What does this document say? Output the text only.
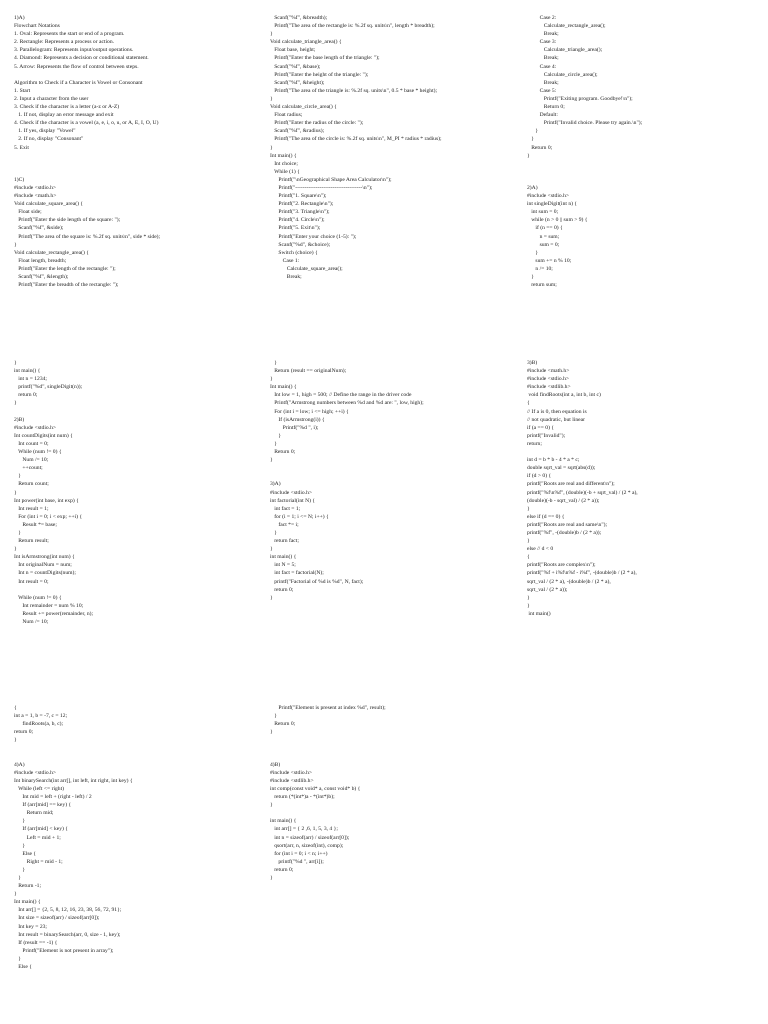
1)A)
Flowchart Notations
1. Oval: Represents the start or end of a program.
2. Rectangle: Represents a process or action.
3. Parallelogram: Represents input/output operations.
4. Diamond: Represents a decision or conditional statement.
5. Arrow: Represents the flow of control between steps.
Algorithm to Check if a Character is Vowel or Consonant
1. Start
2. Input a character from the user
3. Check if the character is a letter (a-z or A-Z)
1. If not, display an error message and exit
4. Check if the character is a vowel (a, e, i, o, u, or A, E, I, O, U)
1. If yes, display "Vowel"
2. If no, display "Consonant"
5. Exit
1)C)
#include <stdio.h>
#include <math.h>
Void calculate_square_area() {
Float side;
Printf("Enter the side length of the square: ");
Scanf("%f", &side);
Printf("The area of the square is: %.2f sq. units\n", side * side);
}
Void calculate_rectangle_area() {
Float length, breadth;
Printf("Enter the length of the rectangle: ");
Scanf("%f", &length);
Printf("Enter the breadth of the rectangle: ");
Scanf("%f", &breadth);
Printf("The area of the rectangle is: %.2f sq. units\n", length * breadth);
}
Void calculate_triangle_area() {
Float base, height;
Printf("Enter the base length of the triangle: ");
Scanf("%f", &base);
Printf("Enter the height of the triangle: ");
Scanf("%f", &height);
Printf("The area of the triangle is: %.2f sq. units\n", 0.5 * base * height);
}
Void calculate_circle_area() {
Float radius;
Printf("Enter the radius of the circle: ");
Scanf("%f", &radius);
Printf("The area of the circle is: %.2f sq. units\n", M_PI * radius * radius);
}
Int main() {
Int choice;
While (1) {
Printf("\nGeographical Shape Area Calculator\n");
Printf("------------------------------------\n");
Printf("1. Square\n");
Printf("2. Rectangle\n");
Printf("3. Triangle\n");
Printf("4. Circle\n");
Printf("5. Exit\n");
Printf("Enter your choice (1-5): ");
Scanf("%d", &choice);
Switch (choice) {
Case 1:
Calculate_square_area();
Break;
Case 2:
Calculate_rectangle_area();
Break;
Case 3:
Calculate_triangle_area();
Break;
Case 4:
Calculate_circle_area();
Break;
Case 5:
Printf("Exiting program. Goodbye!\n");
Return 0;
Default:
Printf("Invalid choice. Please try again.\n");
}
}
Return 0;
}
2)A)
#include <stdio.h>
int singleDigit(int n) {
int sum = 0;
while (n > 0 || sum > 9) {
if (n == 0) {
n = sum;
sum = 0;
}
sum += n % 10;
n /= 10;
}
return sum;
}
int main() {
int n = 1234;
printf("%d", singleDigit(n));
return 0;
}
2)B)
#include <stdio.h>
Int countDigits(int num) {
Int count = 0;
While (num != 0) {
Num /= 10;
++count;
}
Return count;
}
Int power(int base, int exp) {
Int result = 1;
For (int i = 0; i < exp; ++i) {
Result *= base;
}
Return result;
}
Int isArmstrong(int num) {
Int originalNum = num;
Int n = countDigits(num);
Int result = 0;
While (num != 0) {
Int remainder = num % 10;
Result += power(remainder, n);
Num /= 10;
}
Return (result == originalNum);
}
Int main() {
Int low = 1, high = 500; // Define the range in the driver code
Printf("Armstrong numbers between %d and %d are: ", low, high);
For (int i = low; i <= high; ++i) {
If (isArmstrong(i)) {
Printf("%d ", i);
}
}
Return 0;
}
3)A)
#include <stdio.h>
int factorial(int N) {
int fact = 1;
for (i = 1; i <= N; i++) {
fact *= i;
}
return fact;
}
int main() {
int N = 5;
int fact = factorial(N);
printf("Factorial of %d is %d", N, fact);
return 0;
}
3)B)
#include <math.h>
#include <stdio.h>
#include <stdlib.h>
void findRoots(int a, int b, int c)
{
// If a is 0, then equation is
// not quadratic, but linear
if (a == 0) {
printf("Invalid");
return;
int d = b * b - 4 * a * c;
double sqrt_val = sqrt(abs(d));
if (d > 0) {
printf("Roots are real and different\n");
printf("%f\n%f", (double)(-b + sqrt_val) / (2 * a),
(double)(-b - sqrt_val) / (2 * a));
}
else if (d == 0) {
printf("Roots are real and same\n");
printf("%f", -(double)b / (2 * a));
}
else // d < 0
{
printf("Roots are complex\n");
printf("%f + i%f\n%f - i%f", -(double)b / (2 * a),
sqrt_val / (2 * a), -(double)b / (2 * a),
sqrt_val / (2 * a));
}
}
int main()
{
int a = 1, b = -7, c = 12;
findRoots(a, b, c);
return 0;
}
4)A)
#include <stdio.h>
Int binarySearch(int arr[], int left, int right, int key) {
While (left <= right)
Int mid = left + (right - left) / 2
If (arr[mid] == key) {
Return mid;
}
If (arr[mid] < key) {
Left = mid + 1;
}
Else {
Right = mid - 1;
}
}
Return -1;
}
Int main() {
Int arr[] = {2, 5, 8, 12, 16, 23, 38, 56, 72, 91};
Int size = sizeof(arr) / sizeof(arr[0]);
Int key = 23;
Int result = binarySearch(arr, 0, size - 1, key);
If (result == -1) {
Printf("Element is not present in array");
}
Else {
Printf("Element is present at index %d", result);
}
Return 0;
}
4)B)
#include <stdio.h>
#include <stdlib.h>
int comp(const void* a, const void* b) {
return (*(int*)a - *(int*)b);
}
int main() {
int arr[] = { 2 ,6, 1, 5, 3, 4 };
int n = sizeof(arr) / sizeof(arr[0]);
qsort(arr, n, sizeof(int), comp);
for (int i = 0; i < n; i++)
printf("%d ", arr[i]);
return 0;
}
